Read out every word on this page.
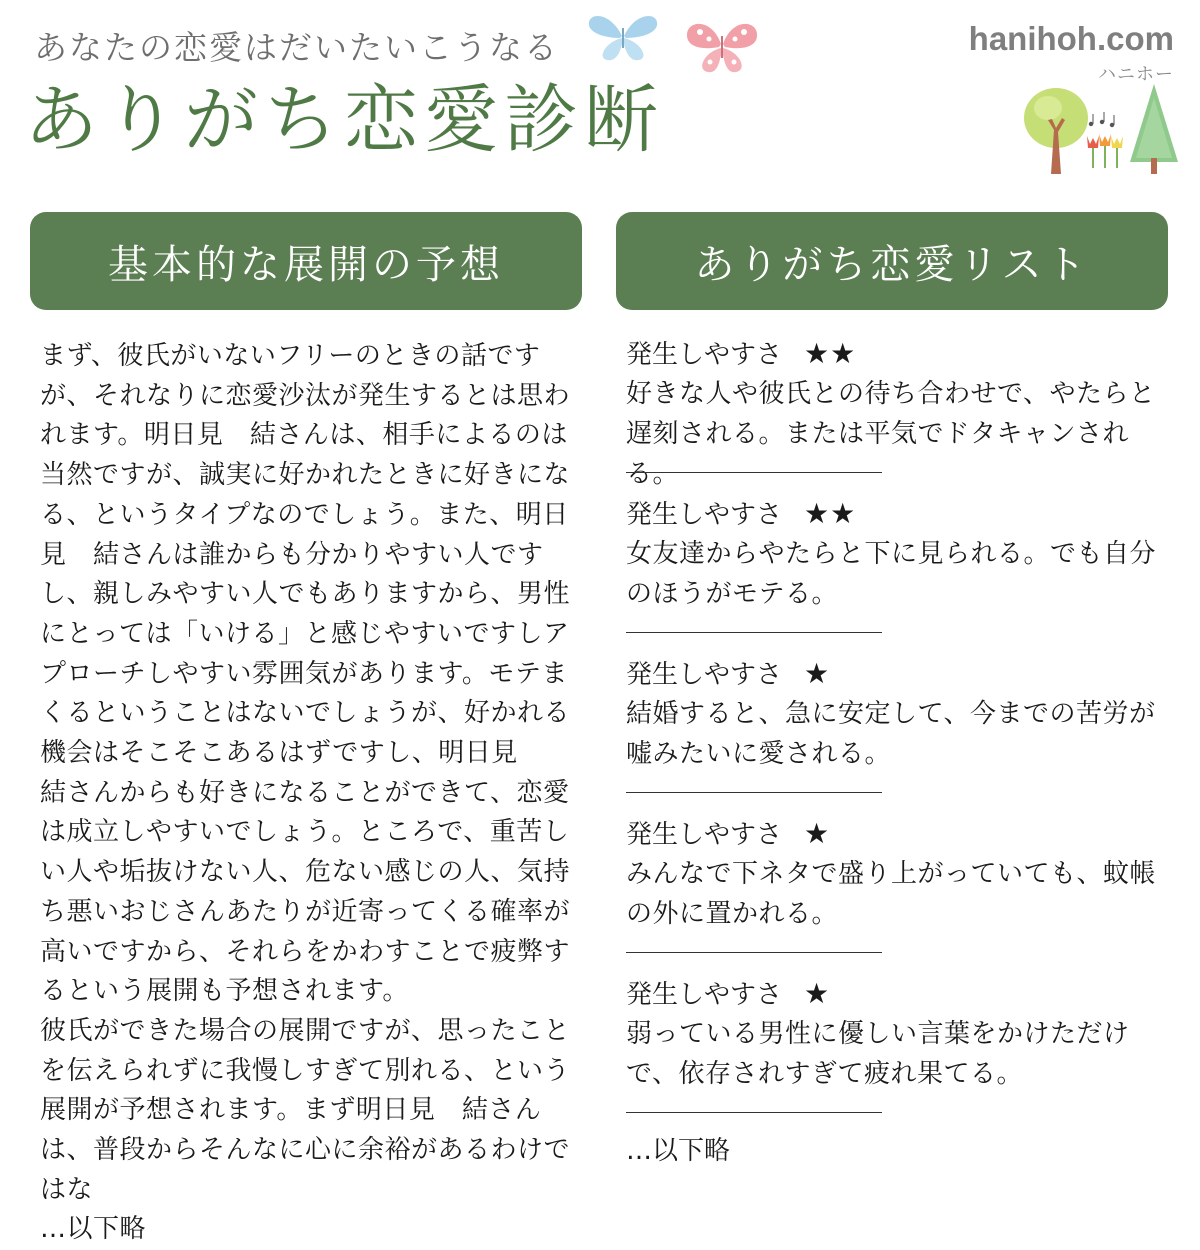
あなたの恋愛はだいたいこうなる
ありがち恋愛診断
hanihoh.com
ハニホー
基本的な展開の予想	ありがち恋愛リスト

まず、彼氏がいないフリーのときの話ですが、それなりに恋愛沙汰が発生するとは思われます。明日見　結さんは、相手によるのは当然ですが、誠実に好かれたときに好きになる、というタイプなのでしょう。また、明日見　結さんは誰からも分かりやすい人ですし、親しみやすい人でもありますから、男性にとっては「いける」と感じやすいですしアプローチしやすい雰囲気があります。モテまくるということはないでしょうが、好かれる機会はそこそこあるはずですし、明日見　結さんからも好きになることができて、恋愛は成立しやすいでしょう。ところで、重苦しい人や垢抜けない人、危ない感じの人、気持ち悪いおじさんあたりが近寄ってくる確率が高いですから、それらをかわすことで疲弊するという展開も予想されます。

彼氏ができた場合の展開ですが、思ったことを伝えられずに我慢しすぎて別れる、という展開が予想されます。まず明日見　結さんは、普段からそんなに心に余裕があるわけではな

…以下略

発生しやすさ ★★
好きな人や彼氏との待ち合わせで、やたらと遅刻される。または平気でドタキャンされる。
発生しやすさ ★★
女友達からやたらと下に見られる。でも自分のほうがモテる。
発生しやすさ ★
結婚すると、急に安定して、今までの苦労が嘘みたいに愛される。
発生しやすさ ★
みんなで下ネタで盛り上がっていても、蚊帳の外に置かれる。
発生しやすさ ★
弱っている男性に優しい言葉をかけただけで、依存されすぎて疲れ果てる。
…以下略
